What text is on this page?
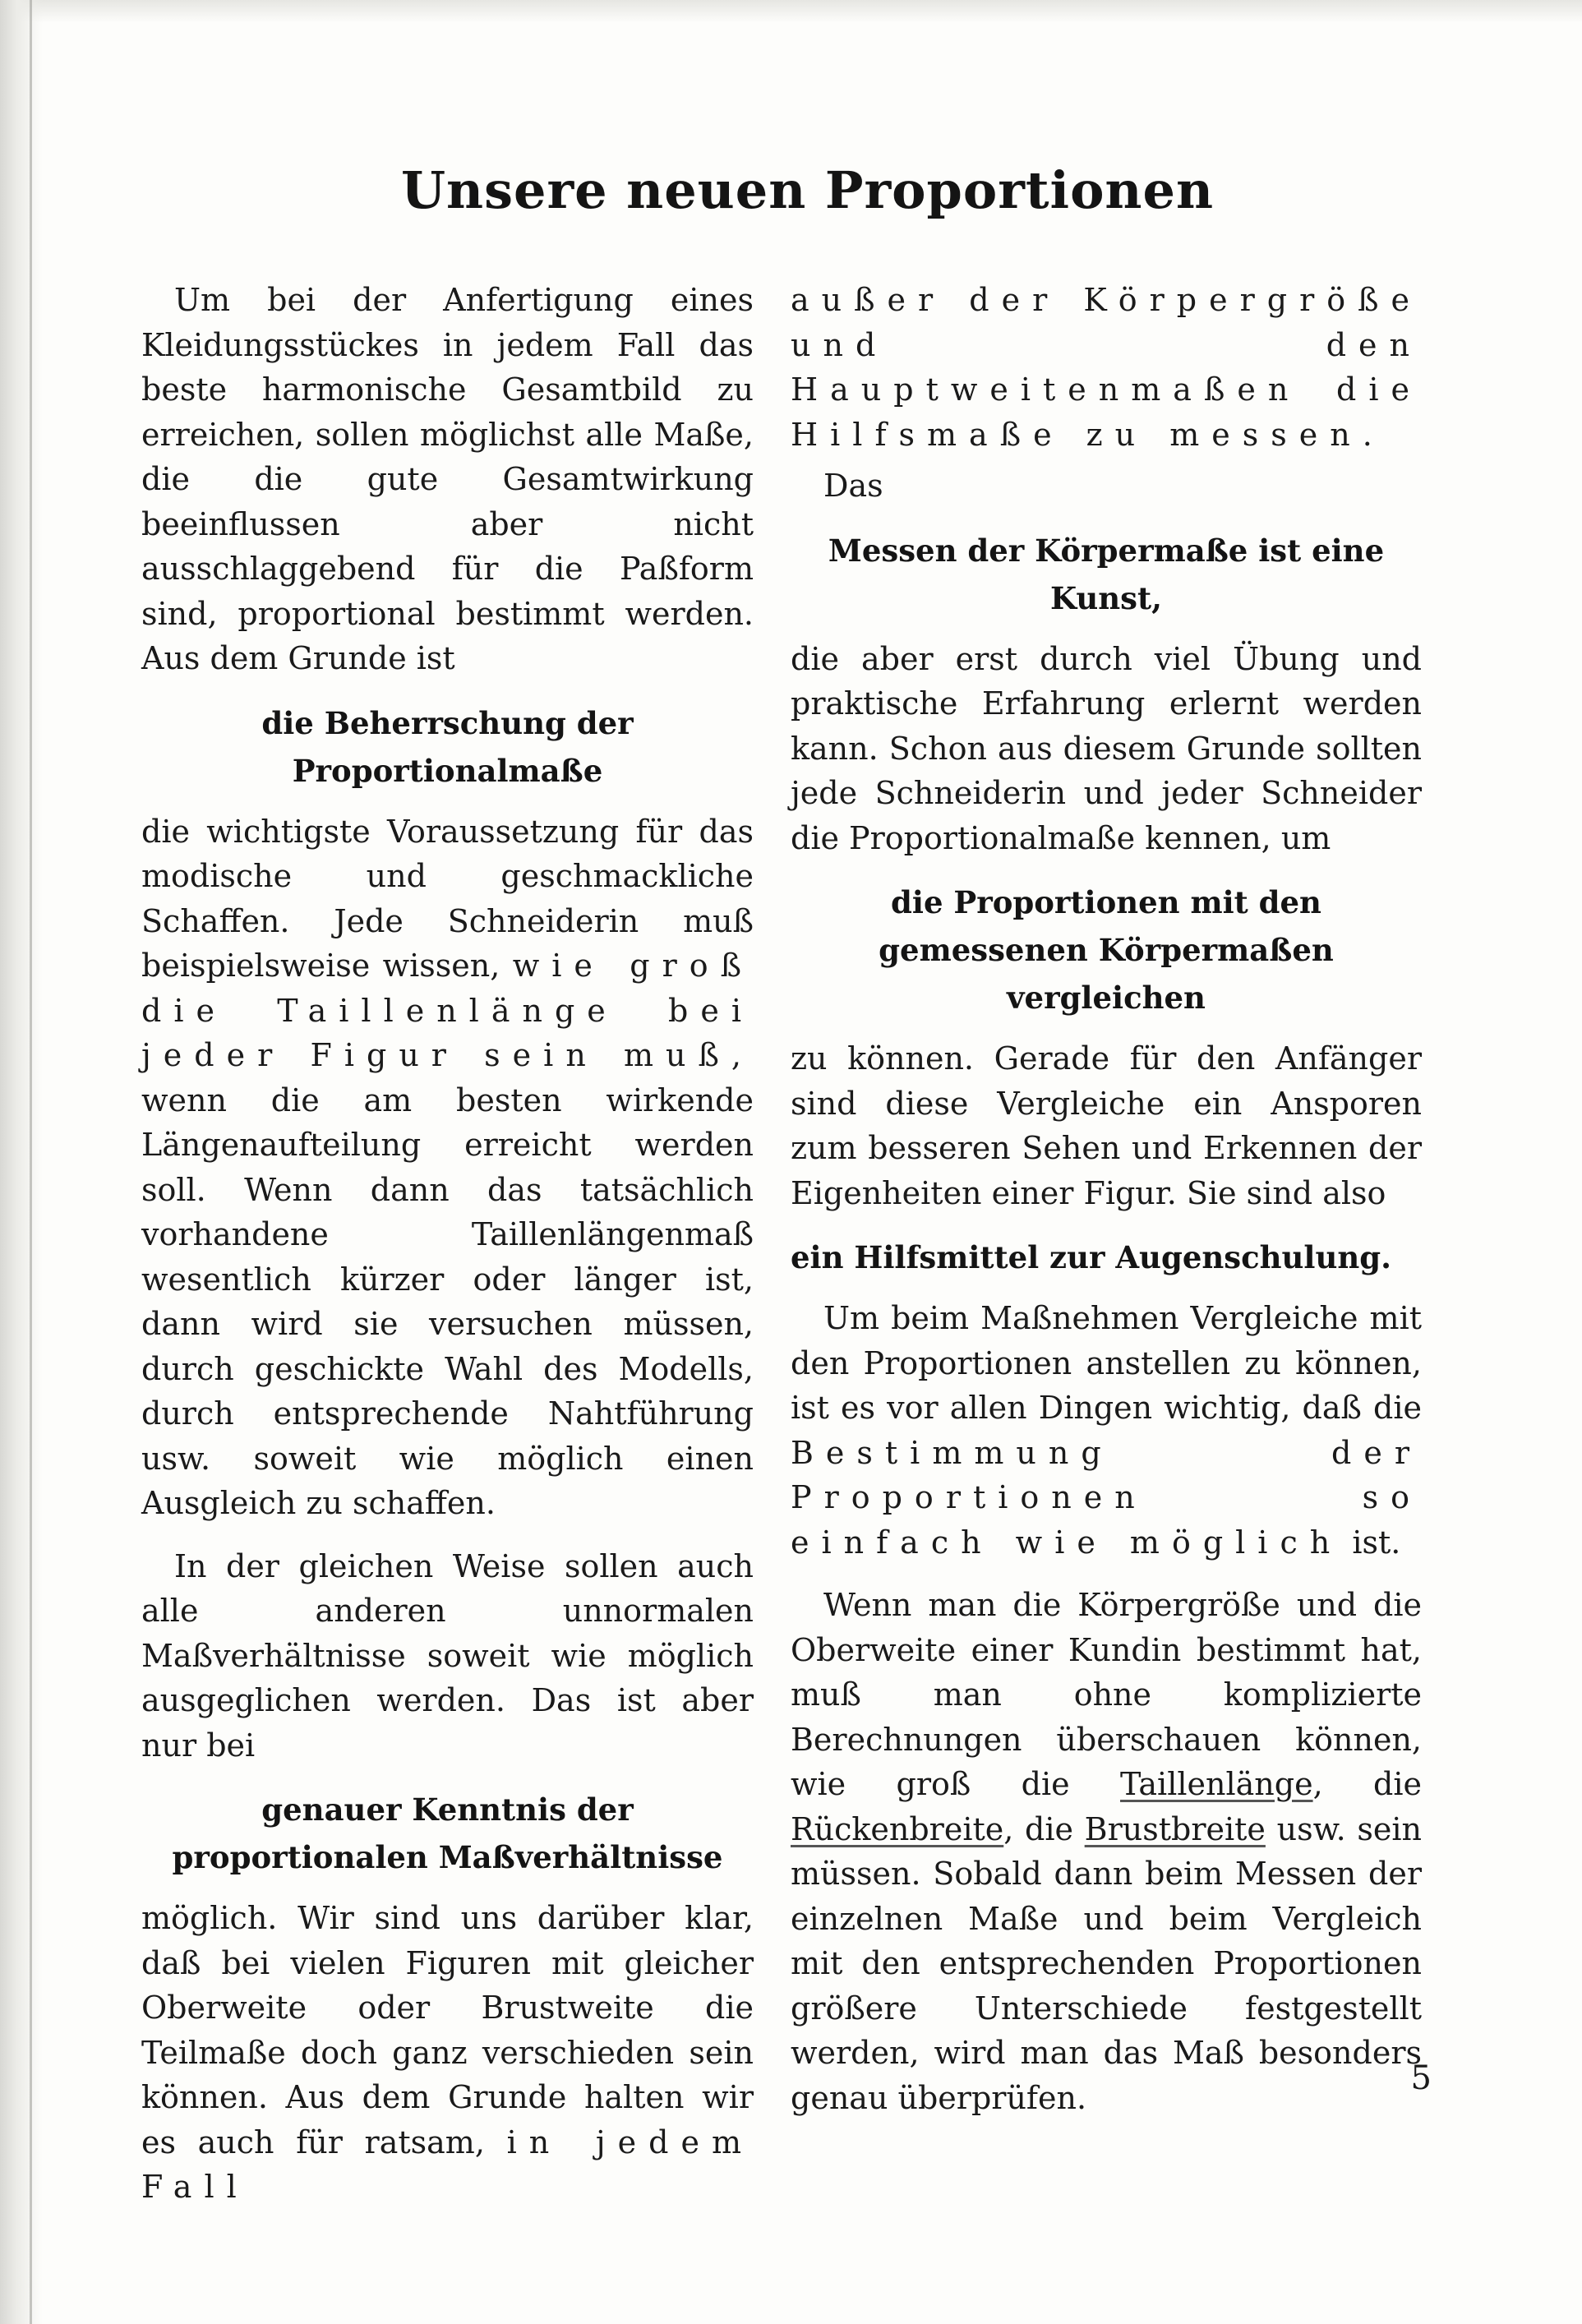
Unsere neuen Proportionen

Um bei der Anfertigung eines Kleidungsstückes in jedem Fall das beste harmonische Gesamtbild zu erreichen, sollen möglichst alle Maße, die die gute Gesamtwirkung beeinflussen aber nicht ausschlaggebend für die Paßform sind, proportional bestimmt werden. Aus dem Grunde ist

die Beherrschung der Proportionalmaße

die wichtigste Voraussetzung für das modische und geschmackliche Schaffen. Jede Schneiderin muß beispielsweise wissen, wie groß die Taillenlänge bei jeder Figur sein muß, wenn die am besten wirkende Längenaufteilung erreicht werden soll. Wenn dann das tatsächlich vorhandene Taillenlängenmaß wesentlich kürzer oder länger ist, dann wird sie versuchen müssen, durch geschickte Wahl des Modells, durch entsprechende Nahtführung usw. soweit wie möglich einen Ausgleich zu schaffen.

In der gleichen Weise sollen auch alle anderen unnormalen Maßverhältnisse soweit wie möglich ausgeglichen werden. Das ist aber nur bei

genauer Kenntnis der proportionalen Maßverhältnisse

möglich. Wir sind uns darüber klar, daß bei vielen Figuren mit gleicher Oberweite oder Brustweite die Teilmaße doch ganz verschieden sein können. Aus dem Grunde halten wir es auch für ratsam, in jedem Fall

außer der Körpergröße und den Hauptweitenmaßen die Hilfsmaße zu messen.

Das

Messen der Körpermaße ist eine Kunst,

die aber erst durch viel Übung und praktische Erfahrung erlernt werden kann. Schon aus diesem Grunde sollten jede Schneiderin und jeder Schneider die Proportionalmaße kennen, um

die Proportionen mit den gemessenen Körpermaßen vergleichen

zu können. Gerade für den Anfänger sind diese Vergleiche ein Ansporen zum besseren Sehen und Erkennen der Eigenheiten einer Figur. Sie sind also

ein Hilfsmittel zur Augenschulung.

Um beim Maßnehmen Vergleiche mit den Proportionen anstellen zu können, ist es vor allen Dingen wichtig, daß die Bestimmung der Proportionen so einfach wie möglich ist.

Wenn man die Körpergröße und die Oberweite einer Kundin bestimmt hat, muß man ohne komplizierte Berechnungen überschauen können, wie groß die Taillenlänge, die Rückenbreite, die Brustbreite usw. sein müssen. Sobald dann beim Messen der einzelnen Maße und beim Vergleich mit den entsprechenden Proportionen größere Unterschiede festgestellt werden, wird man das Maß besonders genau überprüfen.

5
